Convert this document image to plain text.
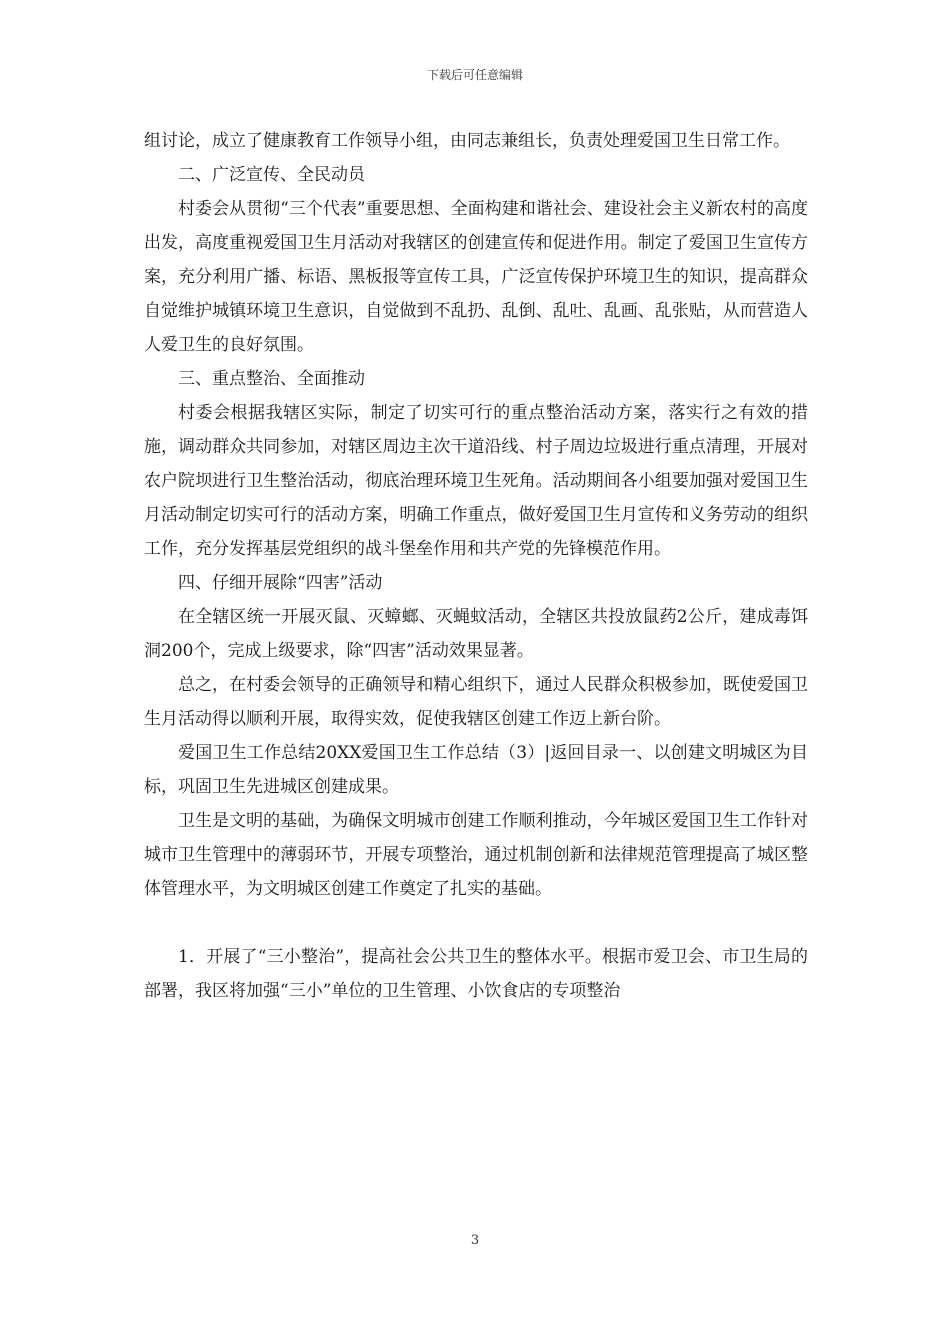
下载后可任意编辑

组讨论，成立了健康教育工作领导小组，由同志兼组长，负责处理爱国卫生日常工作。

二、广泛宣传、全民动员

村委会从贯彻“三个代表”重要思想、全面构建和谐社会、建设社会主义新农村的高度出发，高度重视爱国卫生月活动对我辖区的创建宣传和促进作用。制定了爱国卫生宣传方案，充分利用广播、标语、黑板报等宣传工具，广泛宣传保护环境卫生的知识，提高群众自觉维护城镇环境卫生意识，自觉做到不乱扔、乱倒、乱吐、乱画、乱张贴，从而营造人人爱卫生的良好氛围。

三、重点整治、全面推动

村委会根据我辖区实际，制定了切实可行的重点整治活动方案，落实行之有效的措施，调动群众共同参加，对辖区周边主次干道沿线、村子周边垃圾进行重点清理，开展对农户院坝进行卫生整治活动，彻底治理环境卫生死角。活动期间各小组要加强对爱国卫生月活动制定切实可行的活动方案，明确工作重点，做好爱国卫生月宣传和义务劳动的组织工作，充分发挥基层党组织的战斗堡垒作用和共产党的先锋模范作用。

四、仔细开展除“四害”活动

在全辖区统一开展灭鼠、灭蟑螂、灭蝇蚊活动，全辖区共投放鼠药2公斤，建成毒饵洞200个，完成上级要求，除“四害”活动效果显著。

总之，在村委会领导的正确领导和精心组织下，通过人民群众积极参加，既使爱国卫生月活动得以顺利开展，取得实效，促使我辖区创建工作迈上新台阶。

爱国卫生工作总结20XX爱国卫生工作总结（3）|返回目录一、以创建文明城区为目标，巩固卫生先进城区创建成果。

卫生是文明的基础，为确保文明城市创建工作顺利推动，今年城区爱国卫生工作针对城市卫生管理中的薄弱环节，开展专项整治，通过机制创新和法律规范管理提高了城区整体管理水平，为文明城区创建工作奠定了扎实的基础。

1．开展了“三小整治”，提高社会公共卫生的整体水平。根据市爱卫会、市卫生局的部署，我区将加强“三小”单位的卫生管理、小饮食店的专项整治

3
